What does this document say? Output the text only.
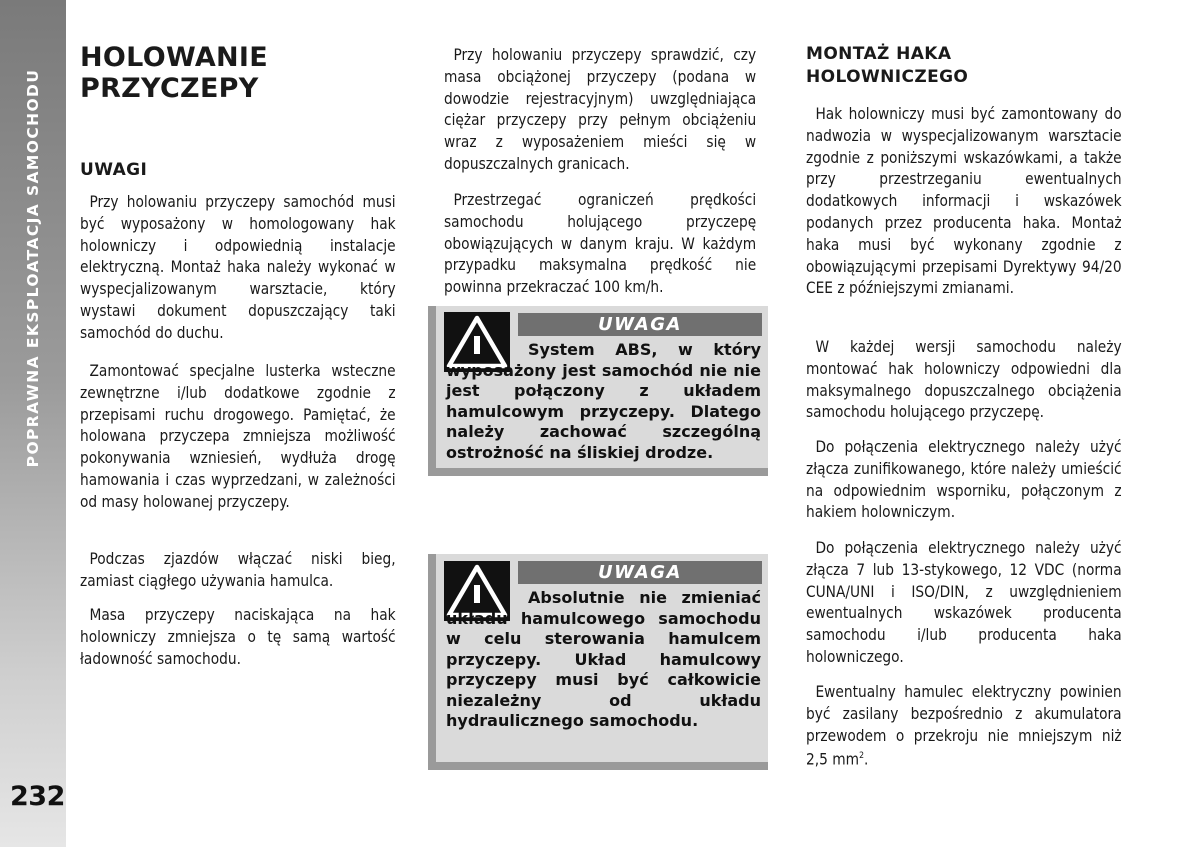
POPRAWNA EKSPLOATACJA SAMOCHODU
232
HOLOWANIE
PRZYCZEPY
UWAGI

Przy holowaniu przyczepy samochód musi być wyposażony w homologowany hak holowniczy i odpowiednią instalacje elektryczną. Montaż haka należy wykonać w wyspecjalizowanym warsztacie, który wystawi dokument dopuszczający taki samochód do duchu.

Zamontować specjalne lusterka wsteczne zewnętrzne i/lub dodatkowe zgodnie z przepisami ruchu drogowego. Pamiętać, że holowana przyczepa zmniejsza możliwość pokonywania wzniesień, wydłuża drogę hamowania i czas wyprzedzani, w zależności od masy holowanej przyczepy.

Podczas zjazdów włączać niski bieg, zamiast ciągłego używania hamulca.

Masa przyczepy naciskająca na hak holowniczy zmniejsza o tę samą wartość ładowność samochodu.

Przy holowaniu przyczepy sprawdzić, czy masa obciążonej przyczepy (podana w dowodzie rejestracyjnym) uwzględniająca ciężar przyczepy przy pełnym obciążeniu wraz z wyposażeniem mieści się w dopuszczalnych granicach.

Przestrzegać ograniczeń prędkości samochodu holującego przyczepę obowiązujących w danym kraju. W każdym przypadku maksymalna prędkość nie powinna przekraczać 100 km/h.

UWAGA
System ABS, w który wyposażony jest samochód nie nie jest połączony z układem hamulcowym przyczepy. Dlatego należy zachować szczególną ostrożność na śliskiej drodze.
UWAGA
Absolutnie nie zmieniać układu hamulcowego samochodu w celu sterowania hamulcem przyczepy. Układ hamulcowy przyczepy musi być całkowicie niezależny od układu hydraulicznego samochodu.
MONTAŻ HAKA
HOLOWNICZEGO

Hak holowniczy musi być zamontowany do nadwozia w wyspecjalizowanym warsztacie zgodnie z poniższymi wskazówkami, a także przy przestrzeganiu ewentualnych dodatkowych informacji i wskazówek podanych przez producenta haka. Montaż haka musi być wykonany zgodnie z obowiązującymi przepisami Dyrektywy 94/20 CEE z późniejszymi zmianami.

W każdej wersji samochodu należy montować hak holowniczy odpowiedni dla maksymalnego dopuszczalnego obciążenia samochodu holującego przyczepę.

Do połączenia elektrycznego należy użyć złącza zunifikowanego, które należy umieścić na odpowiednim wsporniku, połączonym z hakiem holowniczym.

Do połączenia elektrycznego należy użyć złącza 7 lub 13-stykowego, 12 VDC (norma CUNA/UNI i ISO/DIN, z uwzględnieniem ewentualnych wskazówek producenta samochodu i/lub producenta haka holowniczego.

Ewentualny hamulec elektryczny powinien być zasilany bezpośrednio z akumulatora przewodem o przekroju nie mniejszym niż 2,5 $mm^2$.
